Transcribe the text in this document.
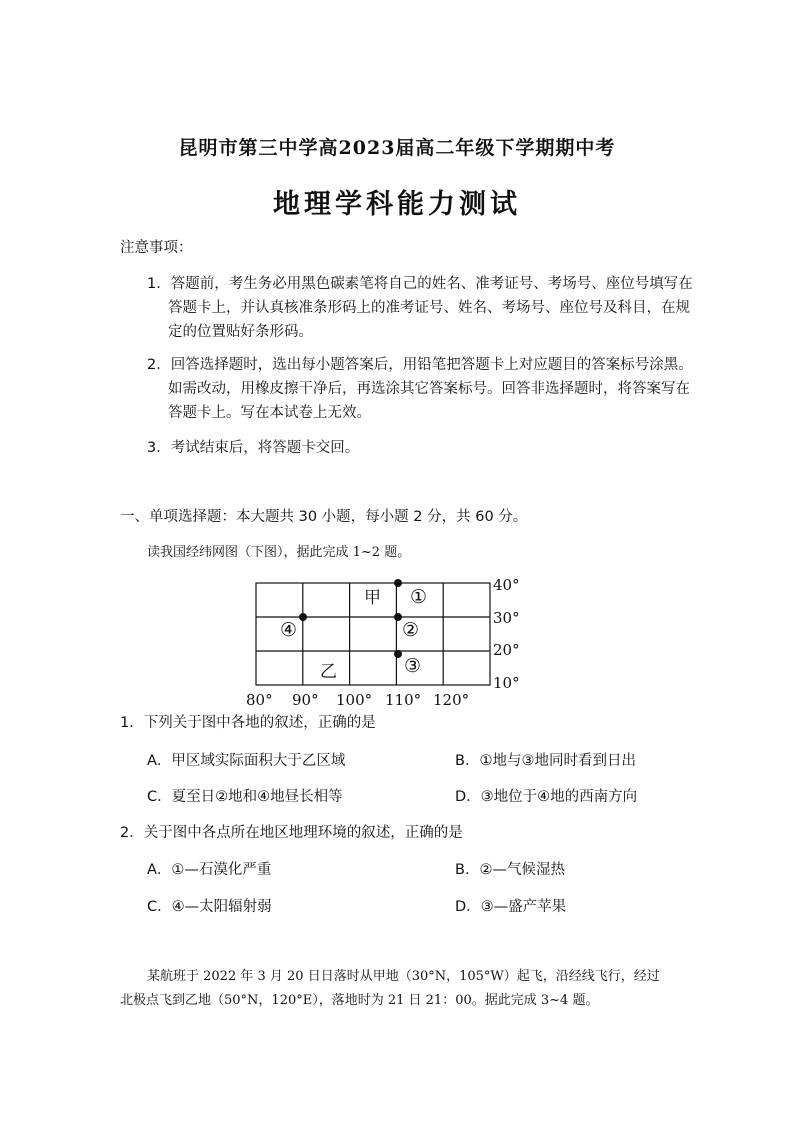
昆明市第三中学高2023届高二年级下学期期中考
地理学科能力测试
注意事项：
1．答题前，考生务必用黑色碳素笔将自己的姓名、准考证号、考场号、座位号填写在
答题卡上，并认真核准条形码上的准考证号、姓名、考场号、座位号及科目，在规
定的位置贴好条形码。
2．回答选择题时，选出每小题答案后，用铅笔把答题卡上对应题目的答案标号涂黑。
如需改动，用橡皮擦干净后，再选涂其它答案标号。回答非选择题时，将答案写在
答题卡上。写在本试卷上无效。
3．考试结束后，将答题卡交回。
一、单项选择题：本大题共 30 小题，每小题 2 分，共 60 分。
读我国经纬网图（下图），据此完成 1~2 题。
甲
乙
①
②
③
④
40°
30°
20°
10°
80° 90° 100° 110° 120°
1．下列关于图中各地的叙述，正确的是
A．甲区域实际面积大于乙区域	B．①地与③地同时看到日出
C．夏至日②地和④地昼长相等	D．③地位于④地的西南方向
2．关于图中各点所在地区地理环境的叙述，正确的是
A．①—石漠化严重	B．②—气候湿热
C．④—太阳辐射弱	D．③—盛产苹果
某航班于 2022 年 3 月 20 日日落时从甲地（30°N，105°W）起飞，沿经线飞行，经过
北极点飞到乙地（50°N，120°E），落地时为 21 日 21：00。据此完成 3~4 题。
